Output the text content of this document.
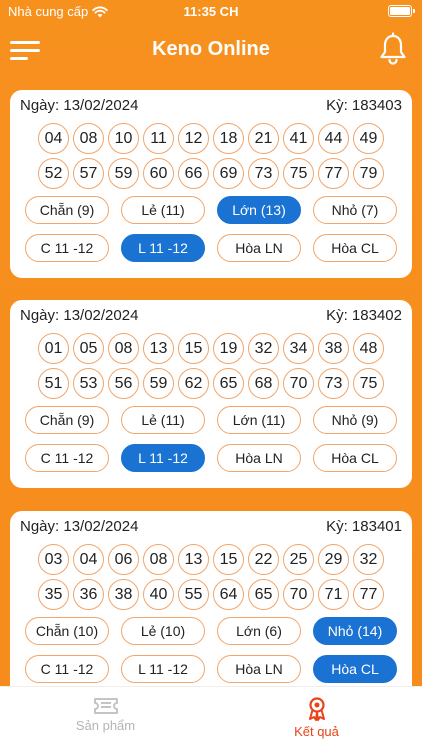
Nhà cung cấp	11:35 CH
Keno Online
Ngày: 13/02/2024	Kỳ: 183403
04	08	10	11	12	18	21	41	44	49
52	57	59	60	66	69	73	75	77	79
Chẵn (9)	Lẻ (11)	Lớn (13)	Nhỏ (7)
C 11 -12	L 11 -12	Hòa LN	Hòa CL
Ngày: 13/02/2024	Kỳ: 183402
01	05	08	13	15	19	32	34	38	48
51	53	56	59	62	65	68	70	73	75
Chẵn (9)	Lẻ (11)	Lớn (11)	Nhỏ (9)
C 11 -12	L 11 -12	Hòa LN	Hòa CL
Ngày: 13/02/2024	Kỳ: 183401
03	04	06	08	13	15	22	25	29	32
35	36	38	40	55	64	65	70	71	77
Chẵn (10)	Lẻ (10)	Lớn (6)	Nhỏ (14)
C 11 -12	L 11 -12	Hòa LN	Hòa CL
Sản phẩm	Kết quả
